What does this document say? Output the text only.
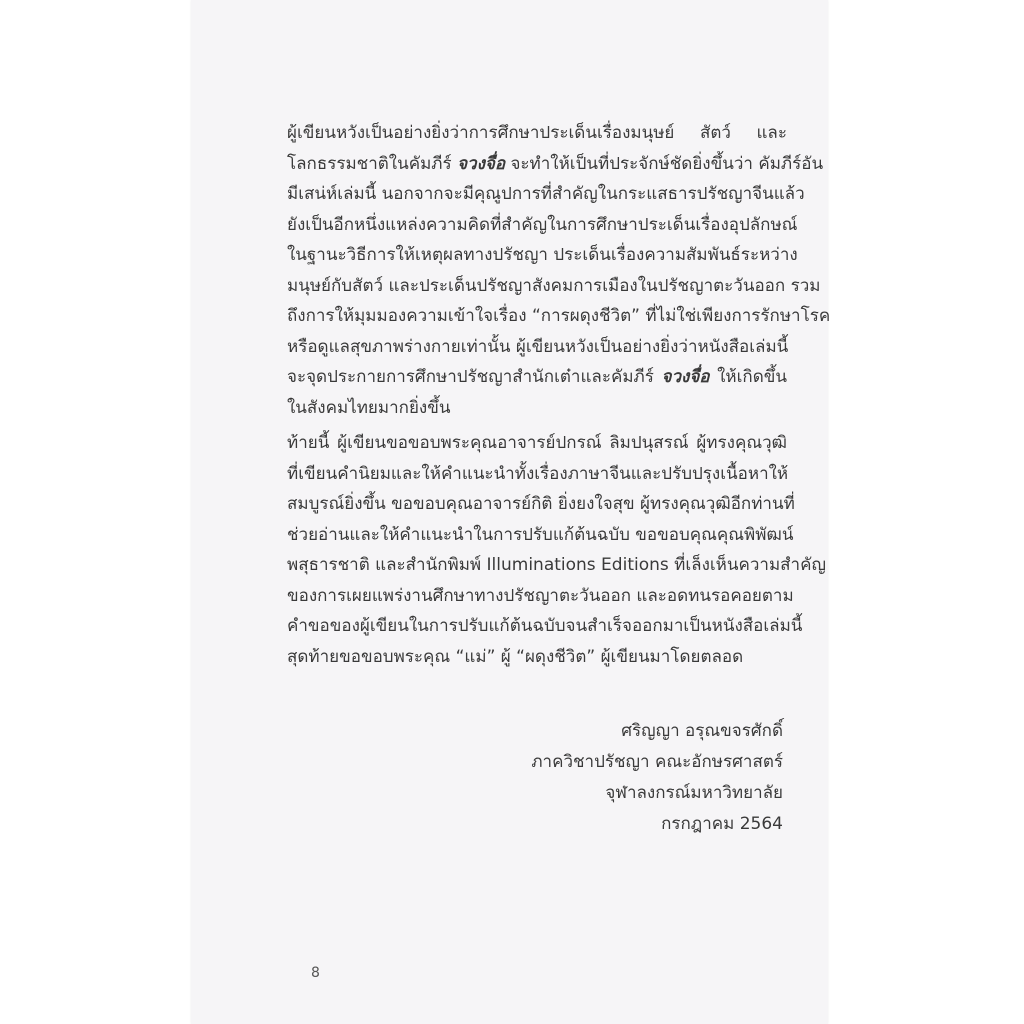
ผู้เขียนหวังเป็นอย่างยิ่งว่าการศึกษาประเด็นเรื่องมนุษย์ สัตว์ และ
โลกธรรมชาติในคัมภีร์ จวงจื่อ จะทำให้เป็นที่ประจักษ์ชัดยิ่งขึ้นว่า คัมภีร์อัน
มีเสน่ห์เล่มนี้ นอกจากจะมีคุณูปการที่สำคัญในกระแสธารปรัชญาจีนแล้ว
ยังเป็นอีกหนึ่งแหล่งความคิดที่สำคัญในการศึกษาประเด็นเรื่องอุปลักษณ์
ในฐานะวิธีการให้เหตุผลทางปรัชญา ประเด็นเรื่องความสัมพันธ์ระหว่าง
มนุษย์กับสัตว์ และประเด็นปรัชญาสังคมการเมืองในปรัชญาตะวันออก รวม
ถึงการให้มุมมองความเข้าใจเรื่อง “การผดุงชีวิต” ที่ไม่ใช่เพียงการรักษาโรค
หรือดูแลสุขภาพร่างกายเท่านั้น ผู้เขียนหวังเป็นอย่างยิ่งว่าหนังสือเล่มนี้
จะจุดประกายการศึกษาปรัชญาสำนักเต๋าและคัมภีร์ จวงจื่อ ให้เกิดขึ้น
ในสังคมไทยมากยิ่งขึ้น
ท้ายนี้ ผู้เขียนขอขอบพระคุณอาจารย์ปกรณ์ ลิมปนุสรณ์ ผู้ทรงคุณวุฒิ
ที่เขียนคำนิยมและให้คำแนะนำทั้งเรื่องภาษาจีนและปรับปรุงเนื้อหาให้
สมบูรณ์ยิ่งขึ้น ขอขอบคุณอาจารย์กิติ ยิ่งยงใจสุข ผู้ทรงคุณวุฒิอีกท่านที่
ช่วยอ่านและให้คำแนะนำในการปรับแก้ต้นฉบับ ขอขอบคุณคุณพิพัฒน์
พสุธารชาติ และสำนักพิมพ์ Illuminations Editions ที่เล็งเห็นความสำคัญ
ของการเผยแพร่งานศึกษาทางปรัชญาตะวันออก และอดทนรอคอยตาม
คำขอของผู้เขียนในการปรับแก้ต้นฉบับจนสำเร็จออกมาเป็นหนังสือเล่มนี้
สุดท้ายขอขอบพระคุณ “แม่” ผู้ “ผดุงชีวิต” ผู้เขียนมาโดยตลอด
ศริญญา อรุณขจรศักดิ์
ภาควิชาปรัชญา คณะอักษรศาสตร์
จุฬาลงกรณ์มหาวิทยาลัย
กรกฎาคม 2564
8
